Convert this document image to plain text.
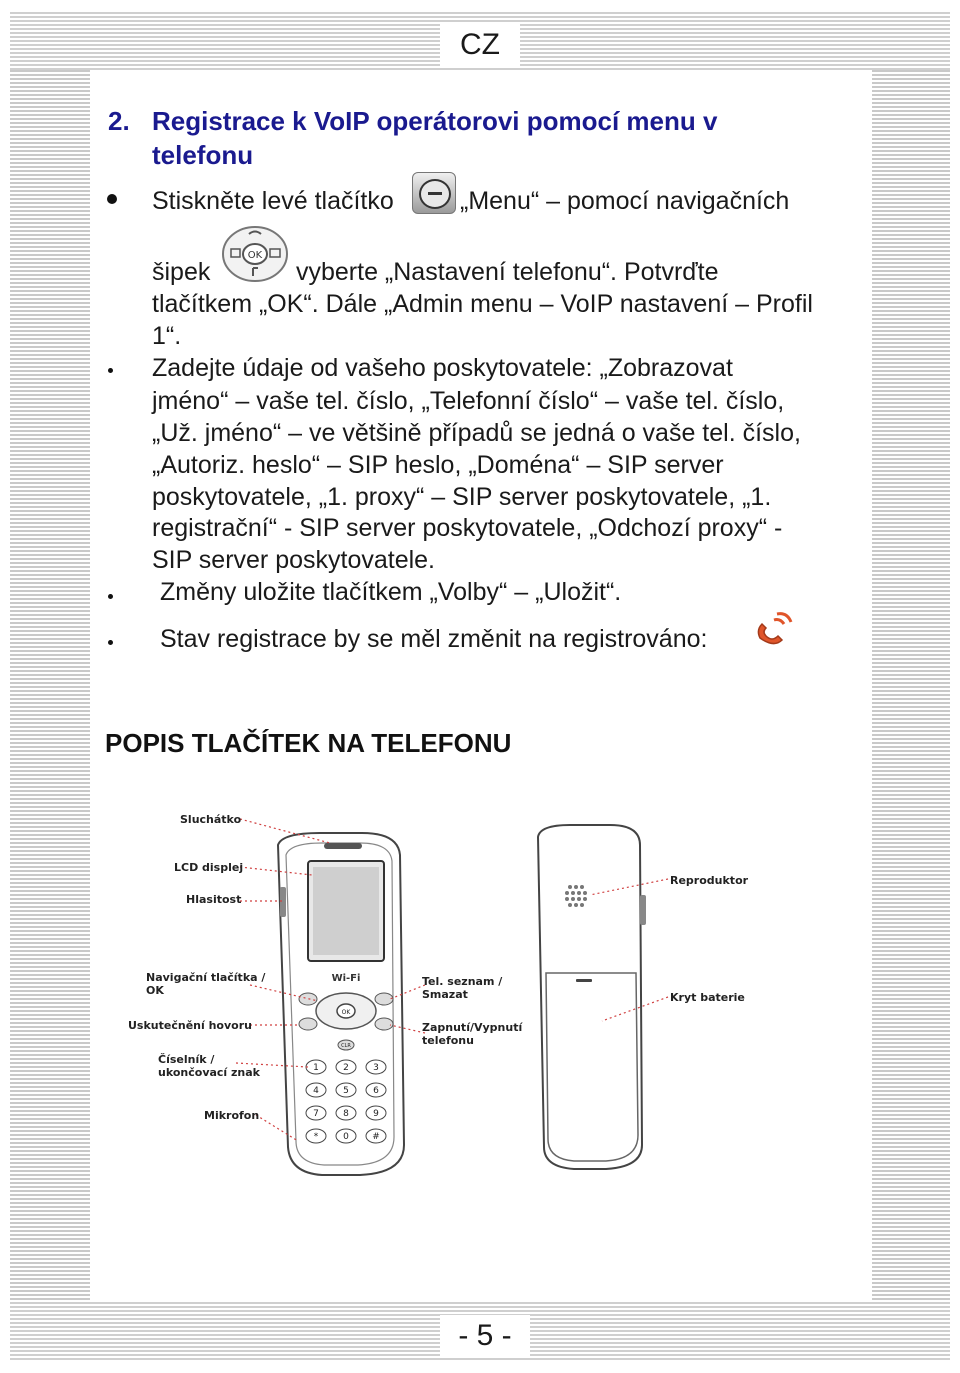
CZ
2. Registrace k VoIP operátorovi pomocí menu v telefonu
Stiskněte levé tlačítko	„Menu“ – pomocí navigačních
šipek
OK
vyberte „Nastavení telefonu“. Potvrďte
tlačítkem „OK“. Dále „Admin menu – VoIP nastavení – Profil
1“.
Zadejte údaje od vašeho poskytovatele: „Zobrazovat
jméno“ – vaše tel. číslo, „Telefonní číslo“ – vaše tel. číslo,
„Už. jméno“ – ve většině případů se jedná o vaše tel. číslo,
„Autoriz. heslo“ – SIP heslo, „Doména“ – SIP server
poskytovatele, „1. proxy“ – SIP server poskytovatele, „1.
registrační“ - SIP server poskytovatele, „Odchozí proxy“ -
SIP server poskytovatele.
Změny uložite tlačítkem „Volby“ – „Uložit“.
Stav registrace by se měl změnit na registrováno:
POPIS TLAČÍTEK NA TELEFONU
Wi-Fi
OK
CLR
1	2	3
4	5	6
7	8	9
*	0	#
Sluchátko
LCD displej
Hlasitost
Navigační tlačítka /
OK
Uskutečnění hovoru
Číselník /
ukončovací znak
Mikrofon
Tel. seznam /
Smazat
Zapnutí/Vypnutí
telefonu
Reproduktor
Kryt baterie
- 5 -
